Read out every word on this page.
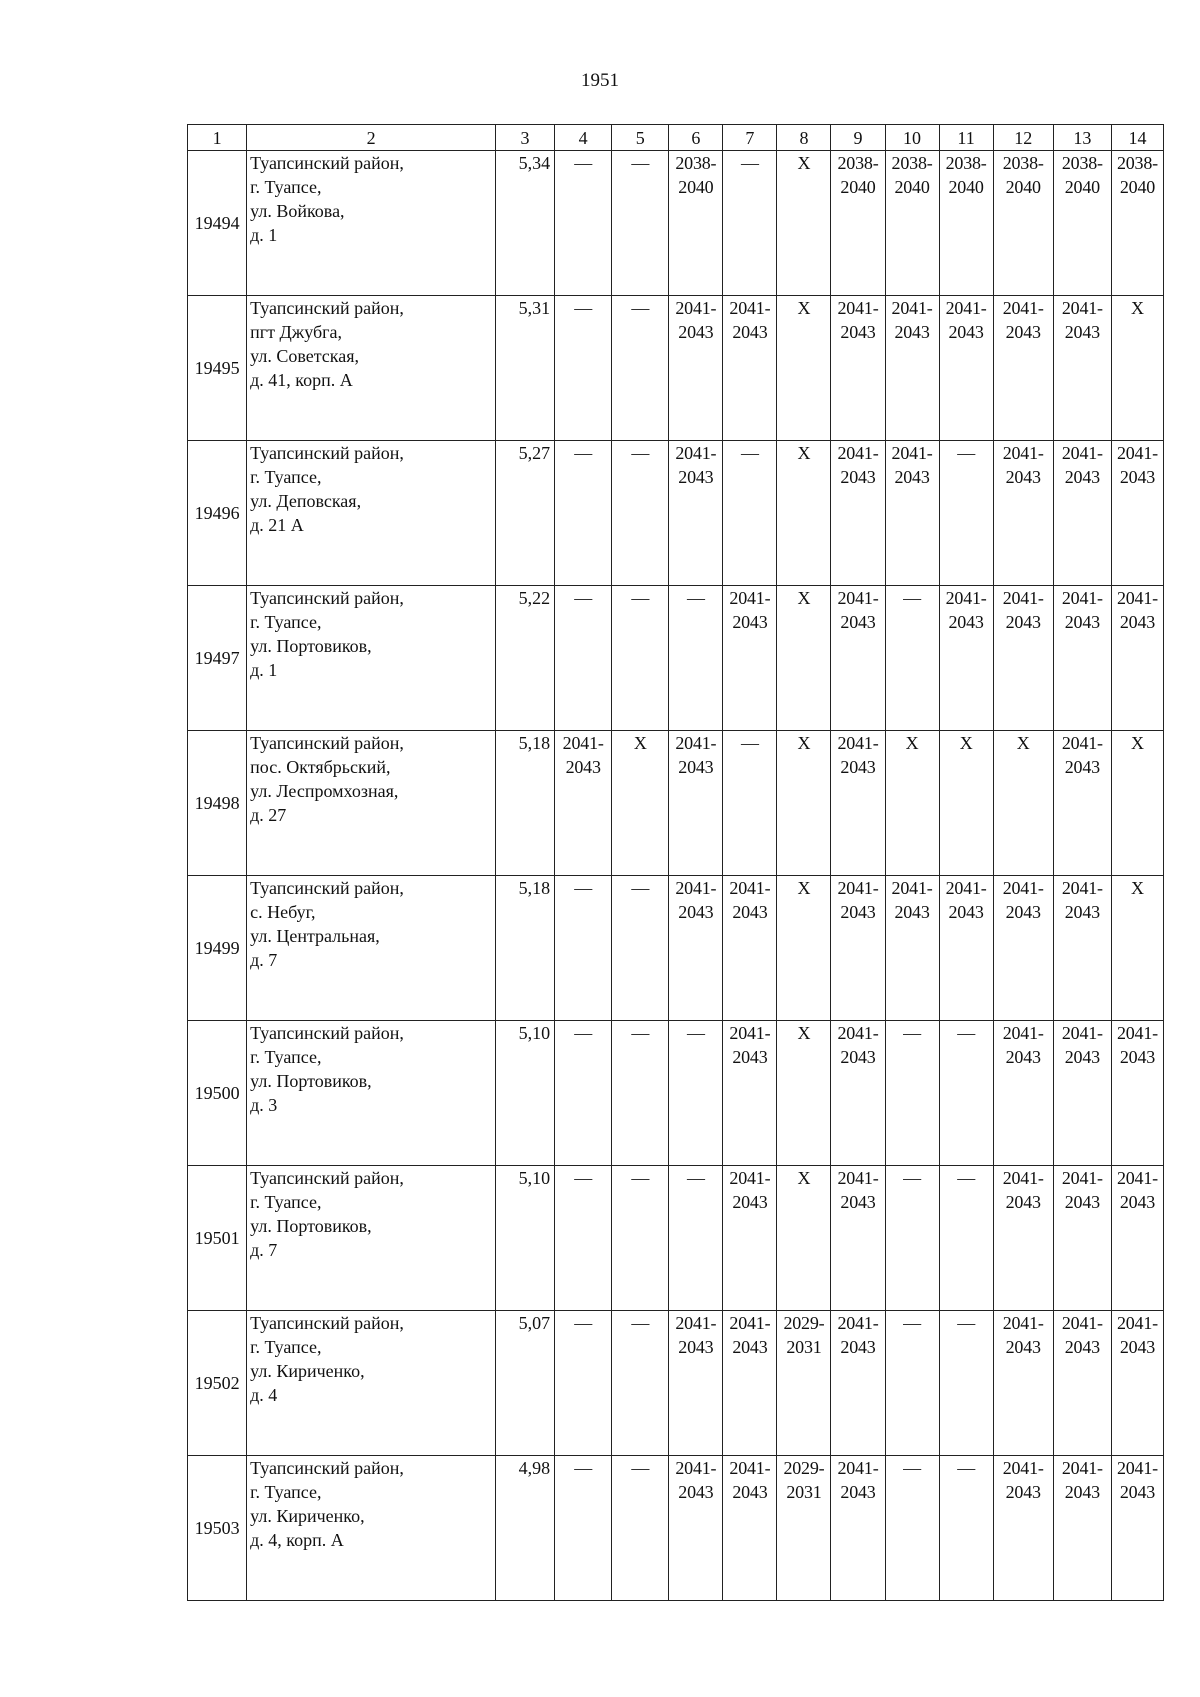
1951
1	2	3	4	5	6	7	8	9	10	11	12	13	14
19494	Туапсинский район,
г. Туапсе,
ул. Войкова,
д. 1	5,34	—	—	2038-
2040	—	X	2038-
2040	2038-
2040	2038-
2040	2038-
2040	2038-
2040	2038-
2040

19495	Туапсинский район,
пгт Джубга,
ул. Советская,
д. 41, корп. А	5,31	—	—	2041-
2043	2041-
2043	X	2041-
2043	2041-
2043	2041-
2043	2041-
2043	2041-
2043	X
19496	Туапсинский район,
г. Туапсе,
ул. Деповская,
д. 21 А	5,27	—	—	2041-
2043	—	X	2041-
2043	2041-
2043	—	2041-
2043	2041-
2043	2041-
2043

19497	Туапсинский район,
г. Туапсе,
ул. Портовиков,
д. 1	5,22	—	—	—	2041-
2043	X	2041-
2043	—	2041-
2043	2041-
2043	2041-
2043	2041-
2043

19498	Туапсинский район,
пос. Октябрьский,
ул. Леспромхозная,
д. 27	5,18	2041-
2043	X	2041-
2043	—	X	2041-
2043	X	X	X	2041-
2043	X
19499	Туапсинский район,
с. Небуг,
ул. Центральная,
д. 7	5,18	—	—	2041-
2043	2041-
2043	X	2041-
2043	2041-
2043	2041-
2043	2041-
2043	2041-
2043	X
19500	Туапсинский район,
г. Туапсе,
ул. Портовиков,
д. 3	5,10	—	—	—	2041-
2043	X	2041-
2043	—	—	2041-
2043	2041-
2043	2041-
2043

19501	Туапсинский район,
г. Туапсе,
ул. Портовиков,
д. 7	5,10	—	—	—	2041-
2043	X	2041-
2043	—	—	2041-
2043	2041-
2043	2041-
2043

19502	Туапсинский район,
г. Туапсе,
ул. Кириченко,
д. 4	5,07	—	—	2041-
2043	2041-
2043	2029-
2031	2041-
2043	—	—	2041-
2043	2041-
2043	2041-
2043

19503	Туапсинский район,
г. Туапсе,
ул. Кириченко,
д. 4, корп. А	4,98	—	—	2041-
2043	2041-
2043	2029-
2031	2041-
2043	—	—	2041-
2043	2041-
2043	2041-
2043
